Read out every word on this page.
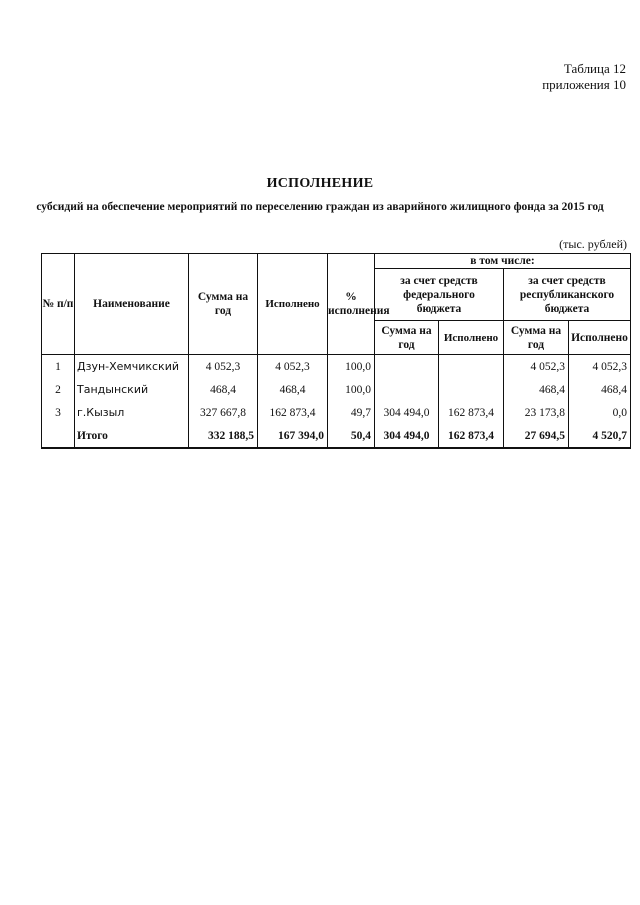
Таблица 12
приложения 10
ИСПОЛНЕНИЕ
субсидий на обеспечение мероприятий по переселению граждан из аварийного жилищного фонда за 2015 год
(тыс. рублей)
№ п/п	Наименование	Сумма на год	Исполнено	% исполнения	в том числе:			
					за счет средств федерального бюджета		за счет средств республиканского бюджета	
					Сумма на год	Исполнено	Сумма на год	Исполнено
1	Дзун-Хемчикский	4 052,3	4 052,3	100,0			4 052,3	4 052,3
2	Тандынский	468,4	468,4	100,0			468,4	468,4
3	г.Кызыл	327 667,8	162 873,4	49,7	304 494,0	162 873,4	23 173,8	0,0
	Итого	332 188,5	167 394,0	50,4	304 494,0	162 873,4	27 694,5	4 520,7
